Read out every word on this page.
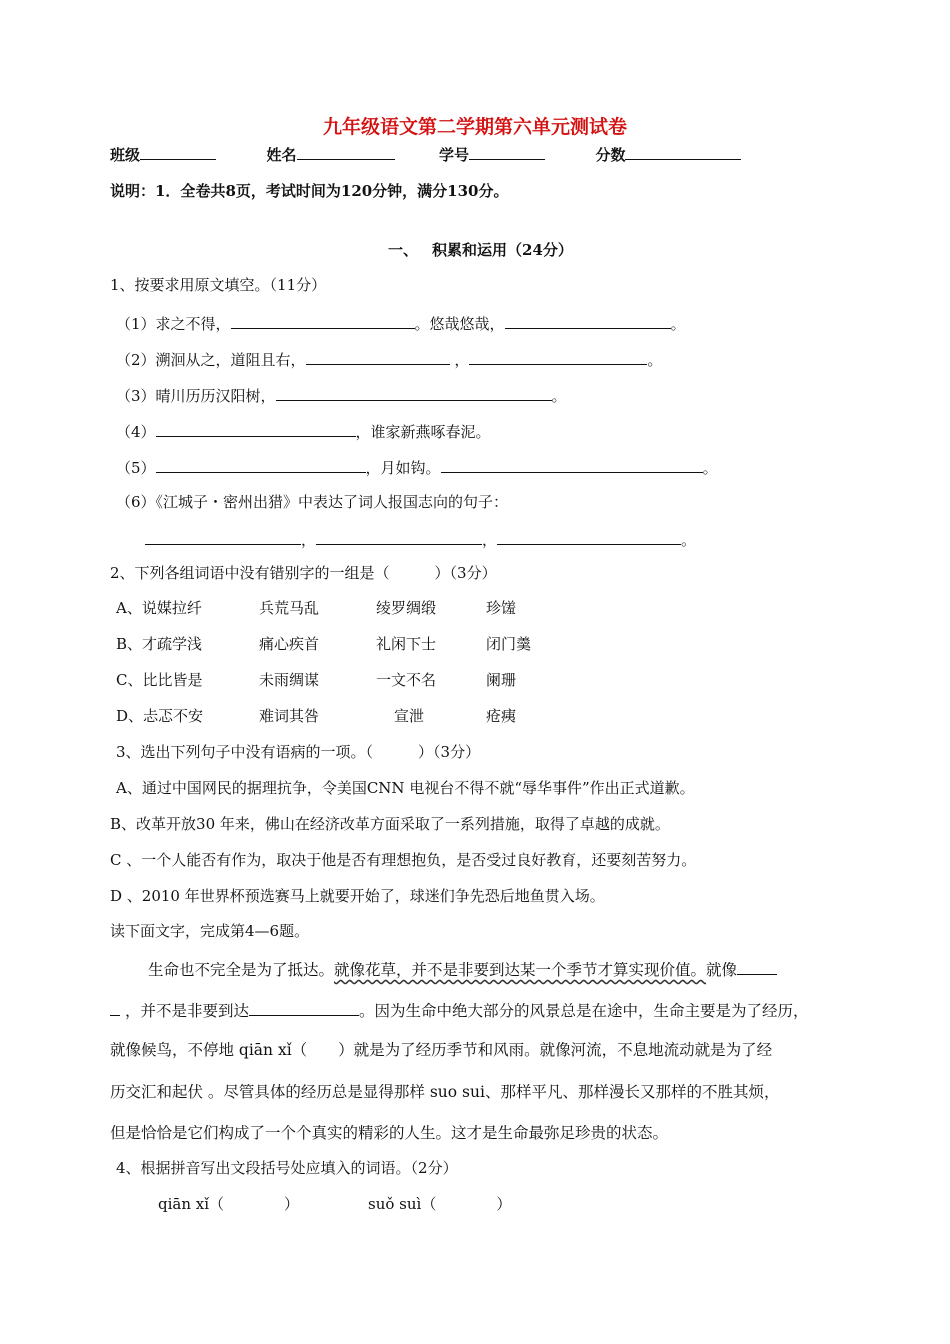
九年级语文第二学期第六单元测试卷
班级	姓名	学号	分数
说明：1．全卷共8页，考试时间为120分钟，满分130分。
一、 积累和运用（24分）
1、按要求用原文填空。（11分）
（1）求之不得，	。悠哉悠哉，	。
（2）溯洄从之，道阻且右，	，	。
（3）晴川历历汉阳树，	。
（4）	，谁家新燕啄春泥。
（5）	，月如钩。	。
（6）《江城子・密州出猎》中表达了词人报国志向的句子：
，	，	。
2、下列各组词语中没有错别字的一组是（　　　）（3分）
A、说媒拉纤	兵荒马乱	绫罗绸缎	珍馐
B、才疏学浅	痛心疾首	礼闲下士	闭门羹
C、比比皆是	未雨绸谋	一文不名	阑珊
D、忐忑不安	难词其咎	宣泄	疮痍
3、选出下列句子中没有语病的一项。（　　　）（3分）
A、通过中国网民的据理抗争，令美国CNN 电视台不得不就“辱华事件”作出正式道歉。
B、改革开放30 年来，佛山在经济改革方面采取了一系列措施，取得了卓越的成就。
C 、一个人能否有作为，取决于他是否有理想抱负，是否受过良好教育，还要刻苦努力。
D 、2010 年世界杯预选赛马上就要开始了，球迷们争先恐后地鱼贯入场。
读下面文字，完成第4—6题。
生命也不完全是为了抵达。就像花草，并不是非要到达某一个季节才算实现价值。就像
，并不是非要到达	。因为生命中绝大部分的风景总是在途中，生命主要是为了经历，
就像候鸟，不停地 qiān xǐ（　　）就是为了经历季节和风雨。就像河流，不息地流动就是为了经
历交汇和起伏 。尽管具体的经历总是显得那样 suo sui、那样平凡、那样漫长又那样的不胜其烦，
但是恰恰是它们构成了一个个真实的精彩的人生。这才是生命最弥足珍贵的状态。
4、根据拼音写出文段括号处应填入的词语。（2分）
qiān xǐ（　　　　）	suǒ suì（　　　　）
